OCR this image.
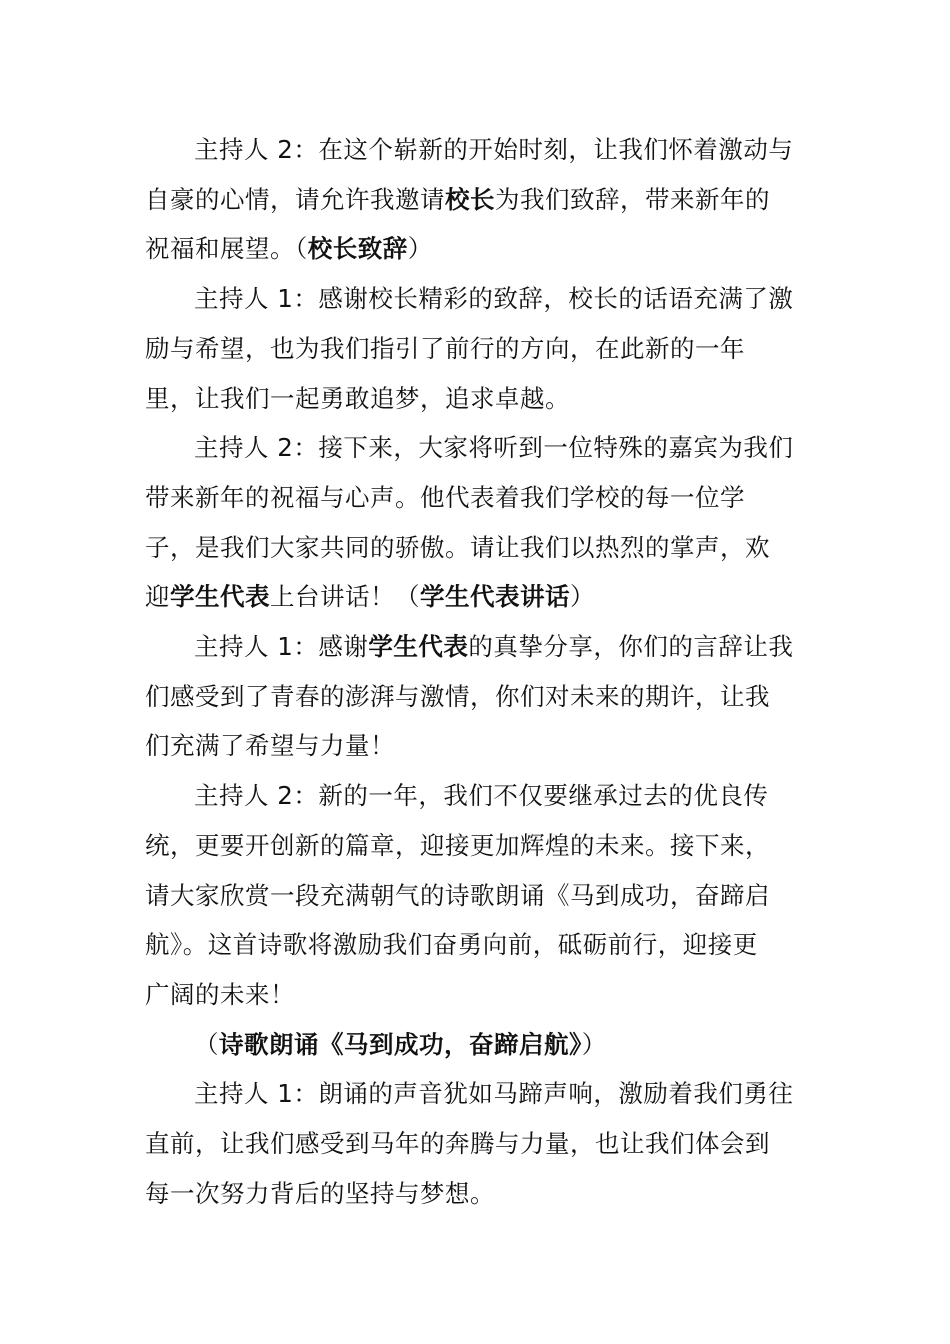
主持人 2：在这个崭新的开始时刻，让我们怀着激动与
自豪的心情，请允许我邀请校长为我们致辞，带来新年的
祝福和展望。（校长致辞）
主持人 1：感谢校长精彩的致辞，校长的话语充满了激
励与希望，也为我们指引了前行的方向，在此新的一年
里，让我们一起勇敢追梦，追求卓越。
主持人 2：接下来，大家将听到一位特殊的嘉宾为我们
带来新年的祝福与心声。他代表着我们学校的每一位学
子，是我们大家共同的骄傲。请让我们以热烈的掌声，欢
迎学生代表上台讲话！（学生代表讲话）
主持人 1：感谢学生代表的真挚分享，你们的言辞让我
们感受到了青春的澎湃与激情，你们对未来的期许，让我
们充满了希望与力量！
主持人 2：新的一年，我们不仅要继承过去的优良传
统，更要开创新的篇章，迎接更加辉煌的未来。接下来，
请大家欣赏一段充满朝气的诗歌朗诵《马到成功，奋蹄启
航》。这首诗歌将激励我们奋勇向前，砥砺前行，迎接更
广阔的未来！
（诗歌朗诵《马到成功，奋蹄启航》）
主持人 1：朗诵的声音犹如马蹄声响，激励着我们勇往
直前，让我们感受到马年的奔腾与力量，也让我们体会到
每一次努力背后的坚持与梦想。
